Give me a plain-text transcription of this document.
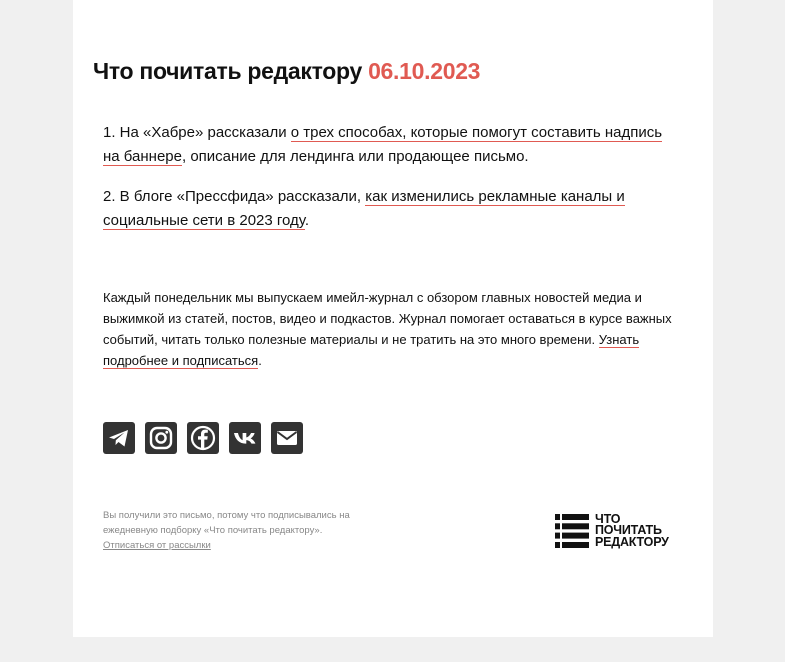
Что почитать редактору 06.10.2023

1. На «Хабре» рассказали о трех способах, которые помогут составить надпись на баннере, описание для лендинга или продающее письмо.

2. В блоге «Прессфида» рассказали, как изменились рекламные каналы и социальные сети в 2023 году.

Каждый понедельник мы выпускаем имейл-журнал с обзором главных новостей медиа и выжимкой из статей, постов, видео и подкастов. Журнал помогает оставаться в курсе важных событий, читать только полезные материалы и не тратить на это много времени. Узнать подробнее и подписаться.

Вы получили это письмо, потому что подписывались на ежедневную подборку «Что почитать редактору».
Отписаться от рассылки

ЧТО
ПОЧИТАТЬ
РЕДАКТОРУ
